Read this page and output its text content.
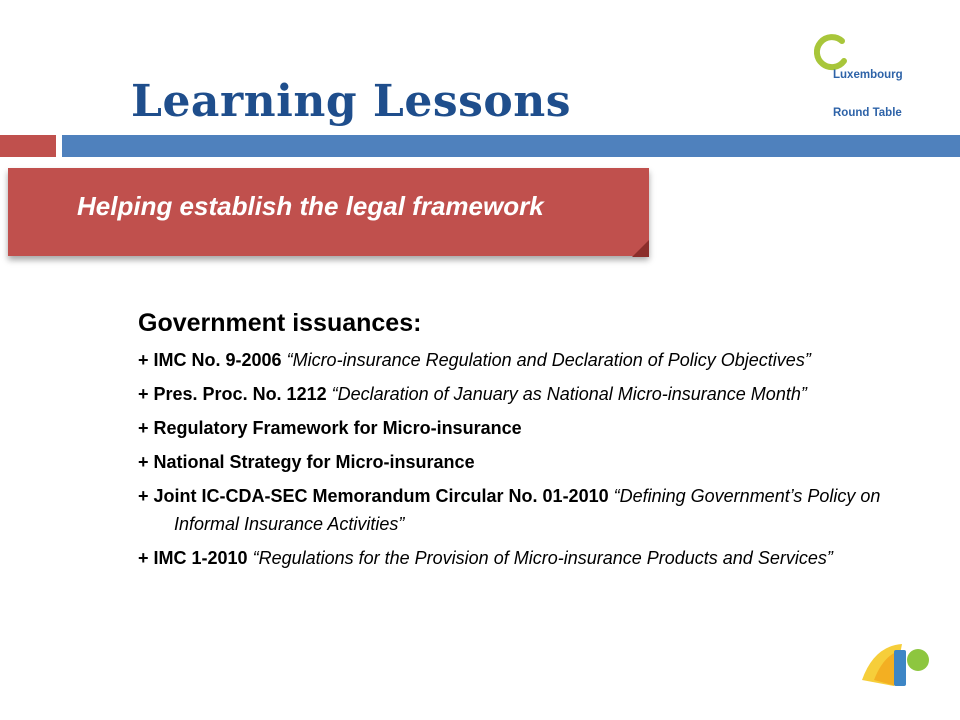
Learning Lessons

Luxembourg

Round Table

Helping establish the legal framework

Government issuances:
+ IMC No. 9-2006 “Micro-insurance Regulation and Declaration of Policy Objectives”
+ Pres. Proc. No. 1212 “Declaration of January as National Micro-insurance Month”
+ Regulatory Framework for Micro-insurance
+ National Strategy for Micro-insurance
+ Joint IC-CDA-SEC Memorandum Circular No. 01-2010 “Defining Government’s Policy on Informal Insurance Activities”
+ IMC 1-2010 “Regulations for the Provision of Micro-insurance Products and Services”
